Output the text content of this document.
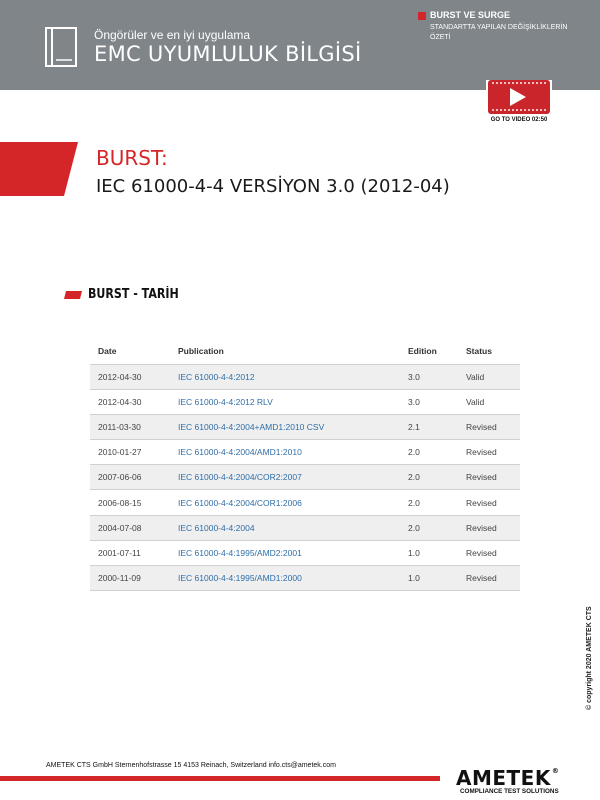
Öngörüler ve en iyi uygulama
EMC UYUMLULUK BİLGİSİ
BURST VE SURGE
STANDARTTA YAPILAN DEĞİŞİKLİKLERİN ÖZETİ
GO TO VIDEO 02:50
BURST:
IEC 61000-4-4 VERSİYON 3.0 (2012-04)
BURST - TARİH
Date	Publication	Edition	Status
2012-04-30	IEC 61000-4-4:2012	3.0	Valid
2012-04-30	IEC 61000-4-4:2012 RLV	3.0	Valid
2011-03-30	IEC 61000-4-4:2004+AMD1:2010 CSV	2.1	Revised
2010-01-27	IEC 61000-4-4:2004/AMD1:2010	2.0	Revised
2007-06-06	IEC 61000-4-4:2004/COR2:2007	2.0	Revised
2006-08-15	IEC 61000-4-4:2004/COR1:2006	2.0	Revised
2004-07-08	IEC 61000-4-4:2004	2.0	Revised
2001-07-11	IEC 61000-4-4:1995/AMD2:2001	1.0	Revised
2000-11-09	IEC 61000-4-4:1995/AMD1:2000	1.0	Revised
© copyright 2020 AMETEK CTS
AMETEK CTS GmbH Sternenhofstrasse 15 4153 Reinach, Switzerland info.cts@ametek.com
AMETEK®
COMPLIANCE TEST SOLUTIONS
